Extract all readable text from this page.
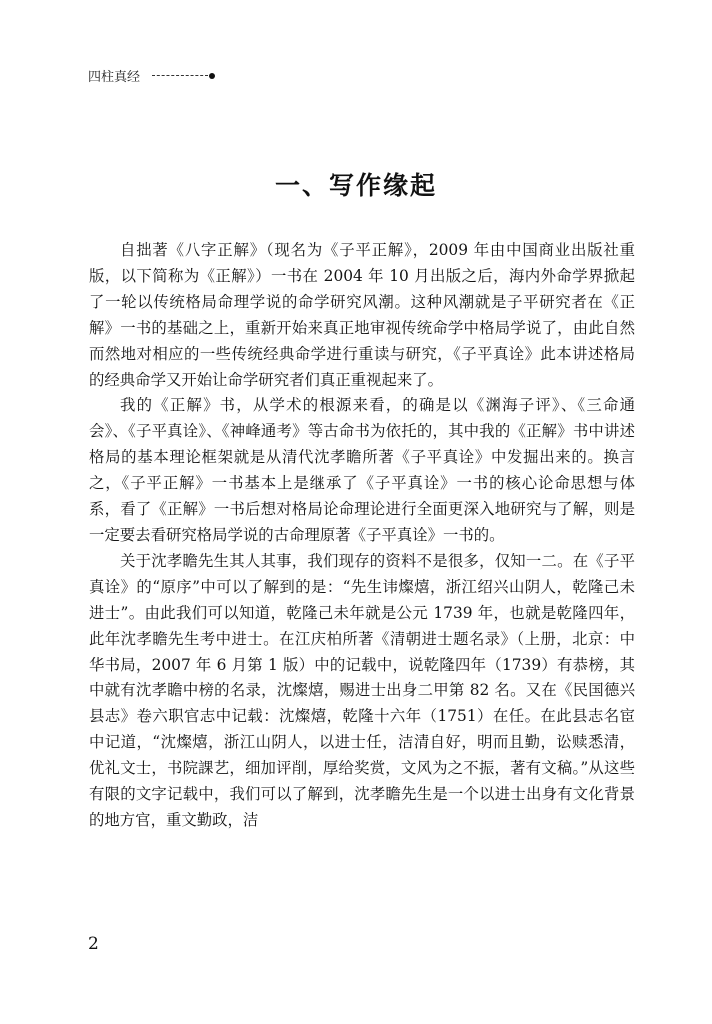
四柱真经
一、写作缘起

自拙著《八字正解》（现名为《子平正解》，2009 年由中国商业出版社重版，以下简称为《正解》）一书在 2004 年 10 月出版之后，海内外命学界掀起了一轮以传统格局命理学说的命学研究风潮。这种风潮就是子平研究者在《正解》一书的基础之上，重新开始来真正地审视传统命学中格局学说了，由此自然而然地对相应的一些传统经典命学进行重读与研究，《子平真诠》此本讲述格局的经典命学又开始让命学研究者们真正重视起来了。

我的《正解》书，从学术的根源来看，的确是以《渊海子评》、《三命通会》、《子平真诠》、《神峰通考》等古命书为依托的，其中我的《正解》书中讲述格局的基本理论框架就是从清代沈孝瞻所著《子平真诠》中发掘出来的。换言之，《子平正解》一书基本上是继承了《子平真诠》一书的核心论命思想与体系，看了《正解》一书后想对格局论命理论进行全面更深入地研究与了解，则是一定要去看研究格局学说的古命理原著《子平真诠》一书的。

关于沈孝瞻先生其人其事，我们现存的资料不是很多，仅知一二。在《子平真诠》的“原序”中可以了解到的是：“先生讳燦熺，浙江绍兴山阴人，乾隆己未进士”。由此我们可以知道，乾隆己未年就是公元 1739 年，也就是乾隆四年，此年沈孝瞻先生考中进士。在江庆柏所著《清朝进士题名录》（上册，北京：中华书局，2007 年 6 月第 1 版）中的记载中，说乾隆四年（1739）有恭榜，其中就有沈孝瞻中榜的名录，沈燦熺，赐进士出身二甲第 82 名。又在《民国德兴县志》卷六职官志中记载：沈燦熺，乾隆十六年（1751）在任。在此县志名宦中记道，“沈燦熺，浙江山阴人，以进士任，洁清自好，明而且勤，讼赎悉清，优礼文士，书院課艺，细加评削，厚给奖赏，文风为之不振，著有文稿。”从这些有限的文字记载中，我们可以了解到，沈孝瞻先生是一个以进士出身有文化背景的地方官，重文勤政，洁

2
